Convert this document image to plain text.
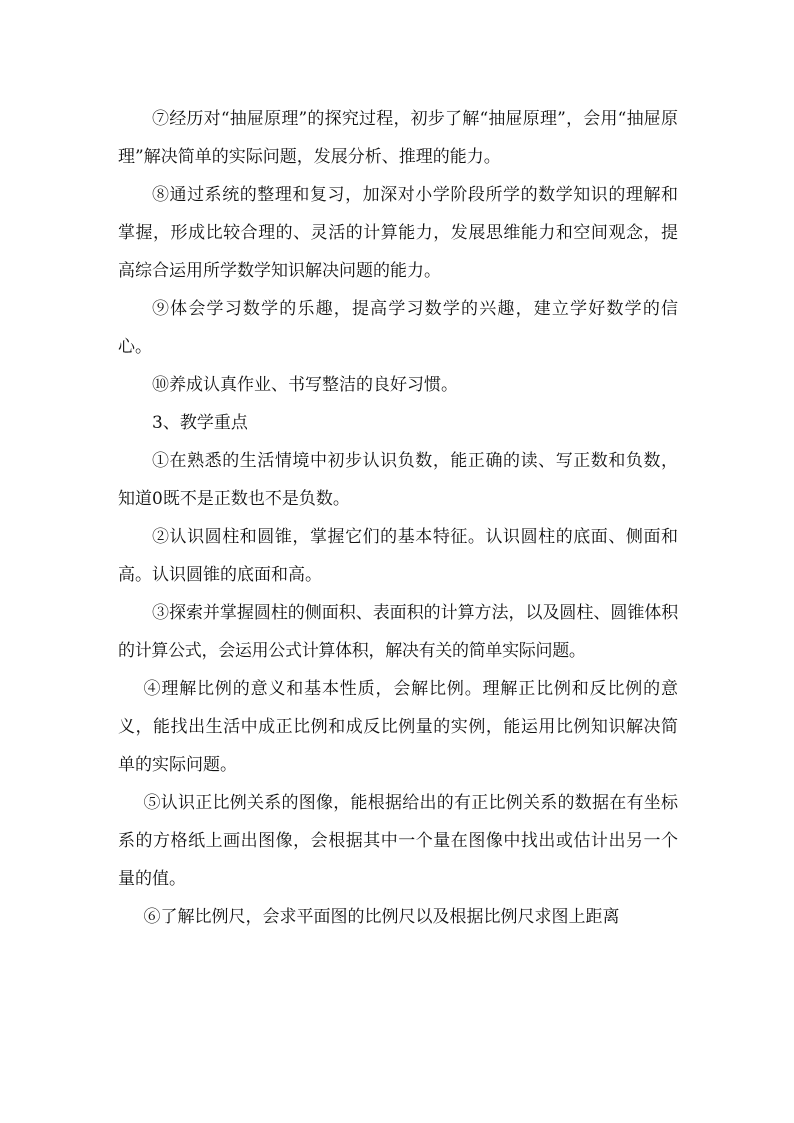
⑦经历对“抽屉原理”的探究过程，初步了解“抽屉原理”，会用“抽屉原理”解决简单的实际问题，发展分析、推理的能力。

⑧通过系统的整理和复习，加深对小学阶段所学的数学知识的理解和掌握，形成比较合理的、灵活的计算能力，发展思维能力和空间观念，提高综合运用所学数学知识解决问题的能力。

⑨体会学习数学的乐趣，提高学习数学的兴趣，建立学好数学的信心。

⑩养成认真作业、书写整洁的良好习惯。

3、教学重点

①在熟悉的生活情境中初步认识负数，能正确的读、写正数和负数，知道0既不是正数也不是负数。

②认识圆柱和圆锥，掌握它们的基本特征。认识圆柱的底面、侧面和高。认识圆锥的底面和高。

③探索并掌握圆柱的侧面积、表面积的计算方法，以及圆柱、圆锥体积的计算公式，会运用公式计算体积，解决有关的简单实际问题。

④理解比例的意义和基本性质，会解比例。理解正比例和反比例的意义，能找出生活中成正比例和成反比例量的实例，能运用比例知识解决简单的实际问题。

⑤认识正比例关系的图像，能根据给出的有正比例关系的数据在有坐标系的方格纸上画出图像，会根据其中一个量在图像中找出或估计出另一个量的值。

⑥了解比例尺，会求平面图的比例尺以及根据比例尺求图上距离
